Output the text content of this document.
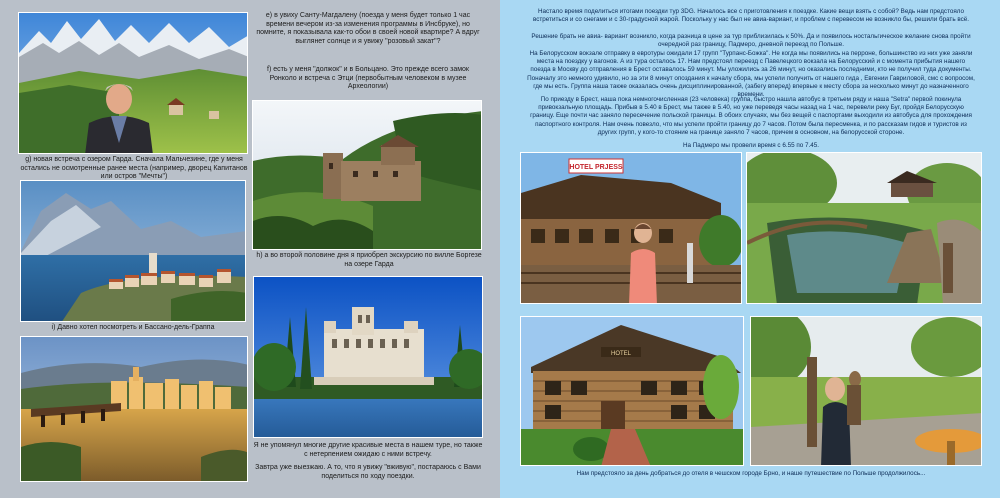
e) в увиху Санту-Магдалену (поезда у меня будет только 1 час времени вечером из-за изменения программы в Инсбруке), но помните, я показывала как-то обои в своей новой квартире? А вдруг выглянет солнце и я увижу "розовый закат"?
f) есть у меня "должок" и в Больцано. Это прежде всего замок Ронколо и встреча с Этци (первобытным человеком в музее Археологии)
g) новая встреча с озером Гарда. Сначала Мальчезине, где у меня остались не осмотренные ранее места (например, дворец Капитанов или остров "Мечты")
h) а во второй половине дня я приобрел экскурсию по вилле Боргезе на озере Гарда
i) Давно хотел посмотреть и Бассано-дель-Граппа
Я не упомянул многие другие красивые места в нашем туре, но также с нетерпением ожидаю с ними встречу.
Завтра уже выезжаю. А то, что я увижу "вживую", постараюсь с Вами поделиться по ходу поездки.
Настало время поделиться итогами поездки тур 3DG. Началось все с приготовления к поездке. Какие вещи взять с собой? Ведь нам предстояло встретиться и со снегами и с 30-градусной жарой. Поскольку у нас был не авиа-вариант, и проблем с перевесом не возникло бы, решили брать всё.
Решение брать не авиа- вариант возникло, когда разница в цене за тур приблизилась к 50%. Да и появилось ностальгическое желание снова пройти очередной раз границу, Падмеро, дневной переезд по Польше.
На Белорусском вокзале отправку в евротуры ожидали 17 групп "Турпанс-Божка". Не когда мы появились на перроне, большинство из них уже заняли места на поездку у вагонов. А из тура осталось 17. Нам предстоял переезд с Павелецкого вокзала на Белорусский и с момента прибытия нашего поезда в Москву до отправления в Брест оставалось 59 минут. Мы уложились за 26 минут, но оказались последними, кто не получил туда документы. Поначалу это немного удивило, но за эти 8 минут опоздания к началу сбора, мы успели получить от нашего гида , Евгении Гавриловой, смс с вопросом, где мы есть. Группа наша также оказалась очень дисциплинированной, (забегу вперед) впервые к месту сбора за несколько минут до назначенного времени.
По приезду в Брест, наша пока немногочисленная (23 человека) группа, быстро нашла автобус в третьем ряду и наша "Setra" первой покинула привокзальную площадь. Прибыв в 5.40 в Брест, мы также в 5.40, но уже переведя часы назад на 1 час, перевели реку Буг, пройдя Белорусскую границу. Еще почти час заняло пересечение польской границы. В обоих случаях, мы без вещей с паспортами выходили из автобуса для прохождения паспортного контроля. Нам очень повезло, что мы успели пройти границу до 7 часов. Потом была пересменка, и по рассказам гидов и туристов из других групп, у кого-то стояние на границе заняло 7 часов, причем в основном, на белорусской стороне.
На Падмеро мы провели время с 6.55 по 7.45.
HOTEL PRJESS
HOTEL
Нам предстояло за день добраться до отеля в чешском городе Брно, и наше путешествие по Польше продолжилось...
